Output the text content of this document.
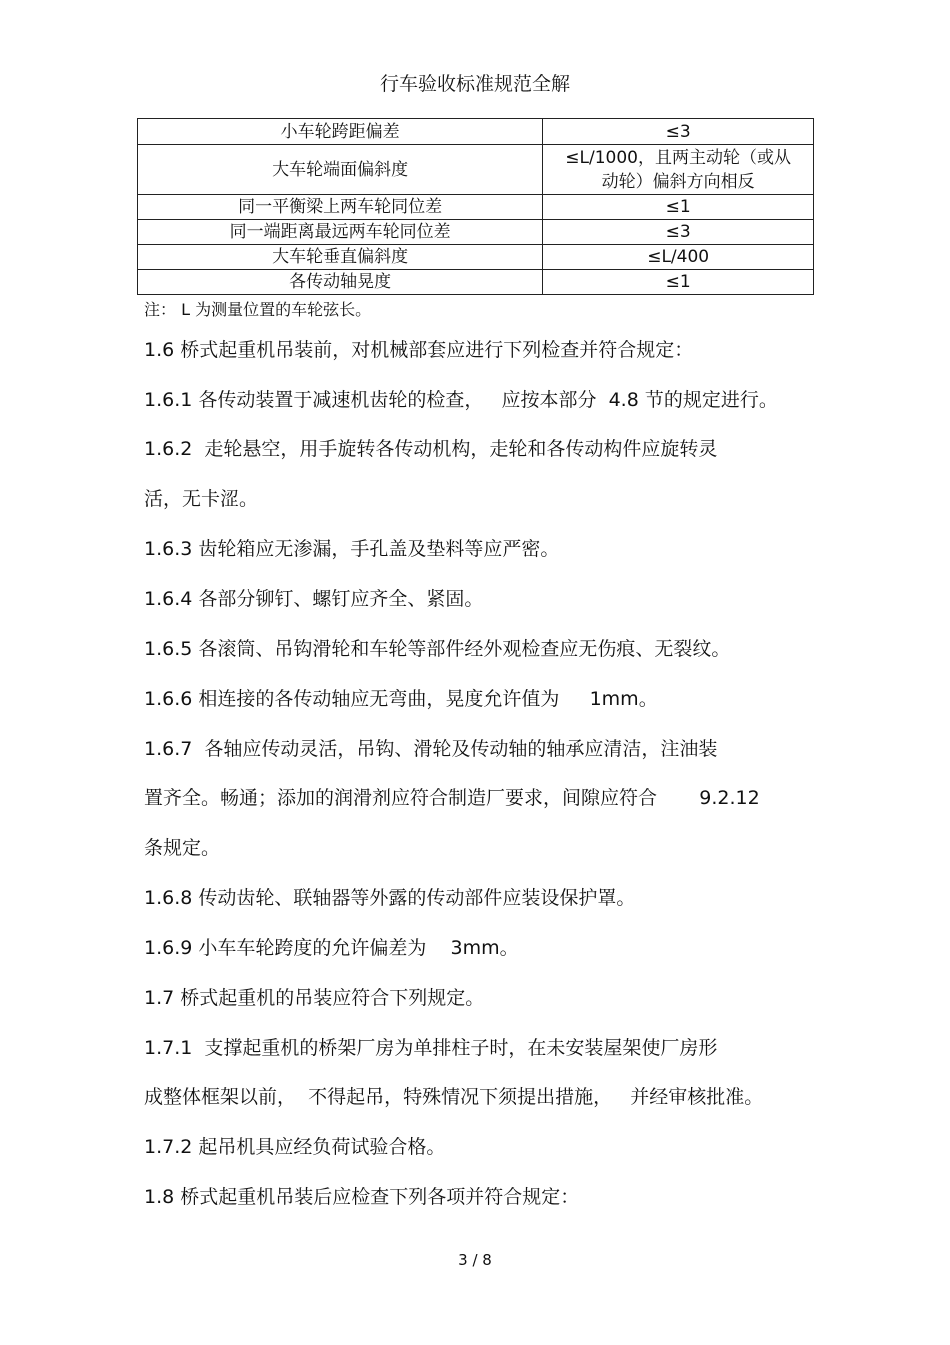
行车验收标准规范全解
小车轮跨距偏差	≤3
大车轮端面偏斜度	≤L/1000，且两主动轮（或从
动轮）偏斜方向相反

同一平衡梁上两车轮同位差	≤1
同一端距离最远两车轮同位差	≤3
大车轮垂直偏斜度	≤L/400
各传动轴晃度	≤1
注： L 为测量位置的车轮弦长。
1.6 桥式起重机吊装前，对机械部套应进行下列检查并符合规定：
1.6.1 各传动装置于减速机齿轮的检查，   应按本部分  4.8 节的规定进行。
1.6.2  走轮悬空，用手旋转各传动机构，走轮和各传动构件应旋转灵
活，无卡涩。
1.6.3 齿轮箱应无渗漏，手孔盖及垫料等应严密。
1.6.4 各部分铆钉、螺钉应齐全、紧固。
1.6.5 各滚筒、吊钩滑轮和车轮等部件经外观检查应无伤痕、无裂纹。
1.6.6 相连接的各传动轴应无弯曲，晃度允许值为     1mm。
1.6.7  各轴应传动灵活，吊钩、滑轮及传动轴的轴承应清洁，注油装
置齐全。畅通；添加的润滑剂应符合制造厂要求，间隙应符合       9.2.12
条规定。
1.6.8 传动齿轮、联轴器等外露的传动部件应装设保护罩。
1.6.9 小车车轮跨度的允许偏差为    3mm。
1.7 桥式起重机的吊装应符合下列规定。
1.7.1  支撑起重机的桥架厂房为单排柱子时，在未安装屋架使厂房形
成整体框架以前，  不得起吊，特殊情况下须提出措施，   并经审核批准。
1.7.2 起吊机具应经负荷试验合格。
1.8 桥式起重机吊装后应检查下列各项并符合规定：
3 / 8
